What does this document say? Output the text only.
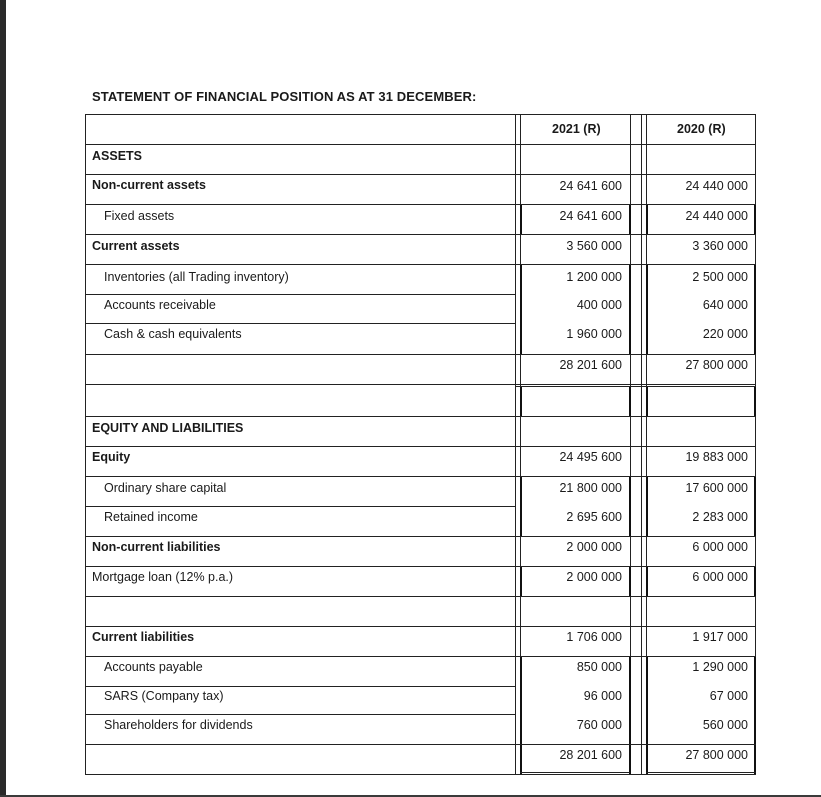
STATEMENT OF FINANCIAL POSITION AS AT 31 DECEMBER:
2021 (R)	2020 (R)
ASSETS
Non-current assets	24 641 600	24 440 000
Fixed assets	24 641 600	24 440 000
Current assets	3 560 000	3 360 000
Inventories (all Trading inventory)	1 200 000	2 500 000
Accounts receivable	400 000	640 000
Cash & cash equivalents	1 960 000	220 000
28 201 600	27 800 000
EQUITY AND LIABILITIES
Equity	24 495 600	19 883 000
Ordinary share capital	21 800 000	17 600 000
Retained income	2 695 600	2 283 000
Non-current liabilities	2 000 000	6 000 000
Mortgage loan (12% p.a.)	2 000 000	6 000 000
Current liabilities	1 706 000	1 917 000
Accounts payable	850 000	1 290 000
SARS (Company tax)	96 000	67 000
Shareholders for dividends	760 000	560 000
28 201 600	27 800 000
